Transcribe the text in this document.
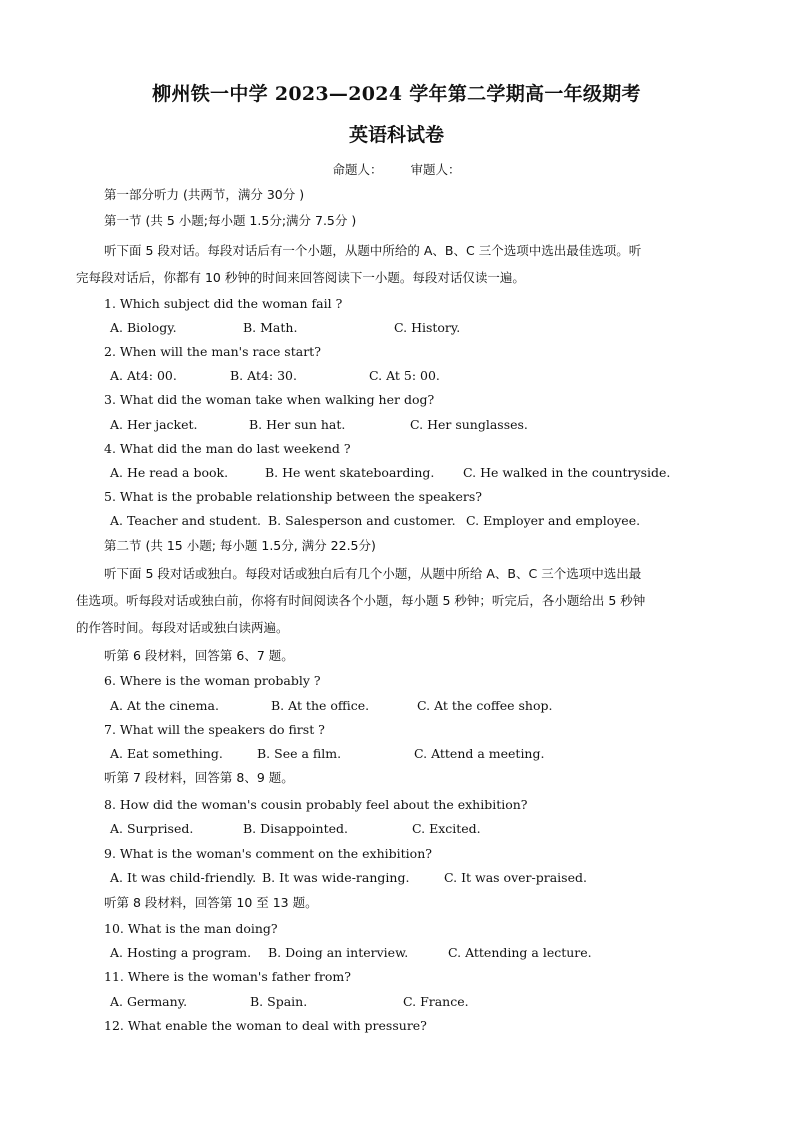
柳州铁一中学 2023—2024 学年第二学期高一年级期考
英语科试卷
命题人： 审题人：
第一部分听力 (共两节，满分 30分 )
第一节 (共 5 小题;每小题 1.5分;满分 7.5分 )
听下面 5 段对话。每段对话后有一个小题，从题中所给的 A、B、C 三个选项中选出最佳选项。听
完每段对话后，你都有 10 秒钟的时间来回答阅读下一小题。每段对话仅读一遍。
1. Which subject did the woman fail ?
A. Biology.	B. Math.	C. History.
2. When will the man's race start?
A. At4: 00.	B. At4: 30.	C. At 5: 00.
3. What did the woman take when walking her dog?
A. Her jacket.	B. Her sun hat.	C. Her sunglasses.
4. What did the man do last weekend ?
A. He read a book.	B. He went skateboarding. C. He walked in the countryside.
5. What is the probable relationship between the speakers?
A. Teacher and student. B. Salesperson and customer. C. Employer and employee.
第二节 (共 15 小题; 每小题 1.5分, 满分 22.5分)
听下面 5 段对话或独白。每段对话或独白后有几个小题，从题中所给 A、B、C 三个选项中选出最
佳选项。听每段对话或独白前，你将有时间阅读各个小题，每小题 5 秒钟；听完后，各小题给出 5 秒钟
的作答时间。每段对话或独白读两遍。
听第 6 段材料，回答第 6、7 题。
6. Where is the woman probably ?
A. At the cinema.	B. At the office.	C. At the coffee shop.
7. What will the speakers do first ?
A. Eat something.	B. See a film.	C. Attend a meeting.
听第 7 段材料，回答第 8、9 题。
8. How did the woman's cousin probably feel about the exhibition?
A. Surprised.	B. Disappointed.	C. Excited.
9. What is the woman's comment on the exhibition?
A. It was child-friendly. B. It was wide-ranging.	C. It was over-praised.
听第 8 段材料，回答第 10 至 13 题。
10. What is the man doing?
A. Hosting a program. B. Doing an interview.	C. Attending a lecture.
11. Where is the woman's father from?
A. Germany.	B. Spain.	C. France.
12. What enable the woman to deal with pressure?
